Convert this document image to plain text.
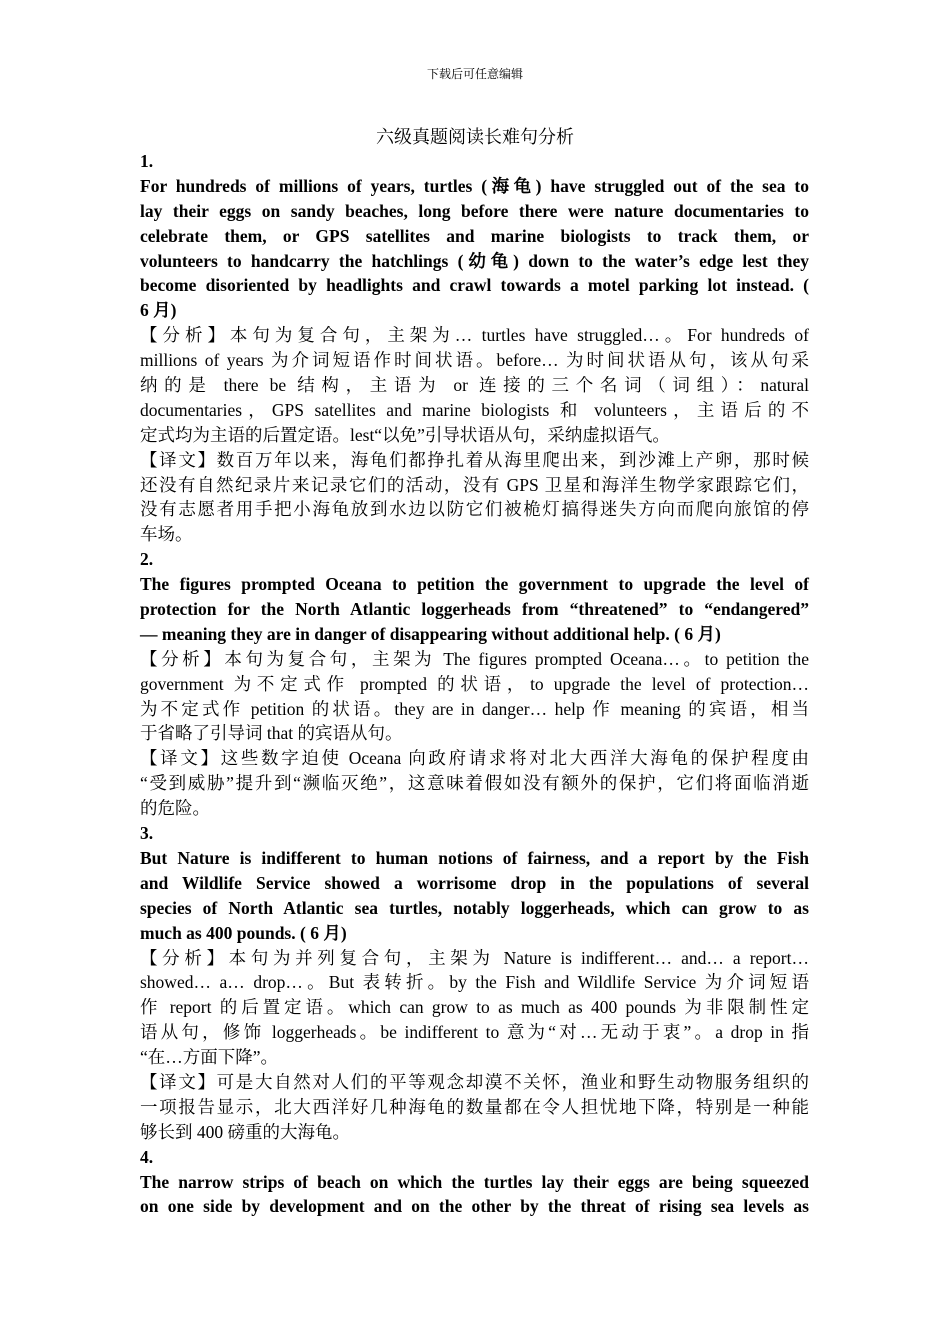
下载后可任意编辑
六级真题阅读长难句分析
1.
For hundreds of millions of years, turtles (海龟) have struggled out of the sea to
lay their eggs on sandy beaches, long before there were nature documentaries to
celebrate them, or GPS satellites and marine biologists to track them, or
volunteers to handcarry the hatchlings (幼龟) down to the water’s edge lest they
become disoriented by headlights and crawl towards a motel parking lot instead. (
6 月)
【分析】本句为复合句，主架为… turtles have struggled…。For hundreds of
millions of years 为介词短语作时间状语。before… 为时间状语从句，该从句采
纳的是 there be 结构，主语为 or 连接的三个名词（词组）：natural
documentaries，GPS satellites and marine biologists 和 volunteers，主语后的不
定式均为主语的后置定语。lest“以免”引导状语从句，采纳虚拟语气。
【译文】数百万年以来，海龟们都挣扎着从海里爬出来，到沙滩上产卵，那时候
还没有自然纪录片来记录它们的活动，没有 GPS 卫星和海洋生物学家跟踪它们，
没有志愿者用手把小海龟放到水边以防它们被桅灯搞得迷失方向而爬向旅馆的停
车场。
2.
The figures prompted Oceana to petition the government to upgrade the level of
protection for the North Atlantic loggerheads from “threatened” to “endangered”
— meaning they are in danger of disappearing without additional help. ( 6 月)
【分析】本句为复合句，主架为 The figures prompted Oceana…。to petition the
government 为不定式作 prompted 的状语，to upgrade the level of protection…
为不定式作 petition 的状语。they are in danger… help 作 meaning 的宾语，相当
于省略了引导词 that 的宾语从句。
【译文】这些数字迫使 Oceana 向政府请求将对北大西洋大海龟的保护程度由
“受到威胁”提升到“濒临灭绝”，这意味着假如没有额外的保护，它们将面临消逝
的危险。
3.
But Nature is indifferent to human notions of fairness, and a report by the Fish
and Wildlife Service showed a worrisome drop in the populations of several
species of North Atlantic sea turtles, notably loggerheads, which can grow to as
much as 400 pounds. ( 6 月)
【分析】本句为并列复合句，主架为 Nature is indifferent… and… a report…
showed… a… drop…。But 表转折。by the Fish and Wildlife Service 为介词短语
作 report 的后置定语。which can grow to as much as 400 pounds 为非限制性定
语从句，修饰 loggerheads。be indifferent to 意为“对…无动于衷”。a drop in 指
“在…方面下降”。
【译文】可是大自然对人们的平等观念却漠不关怀，渔业和野生动物服务组织的
一项报告显示，北大西洋好几种海龟的数量都在令人担忧地下降，特别是一种能
够长到 400 磅重的大海龟。
4.
The narrow strips of beach on which the turtles lay their eggs are being squeezed
on one side by development and on the other by the threat of rising sea levels as
